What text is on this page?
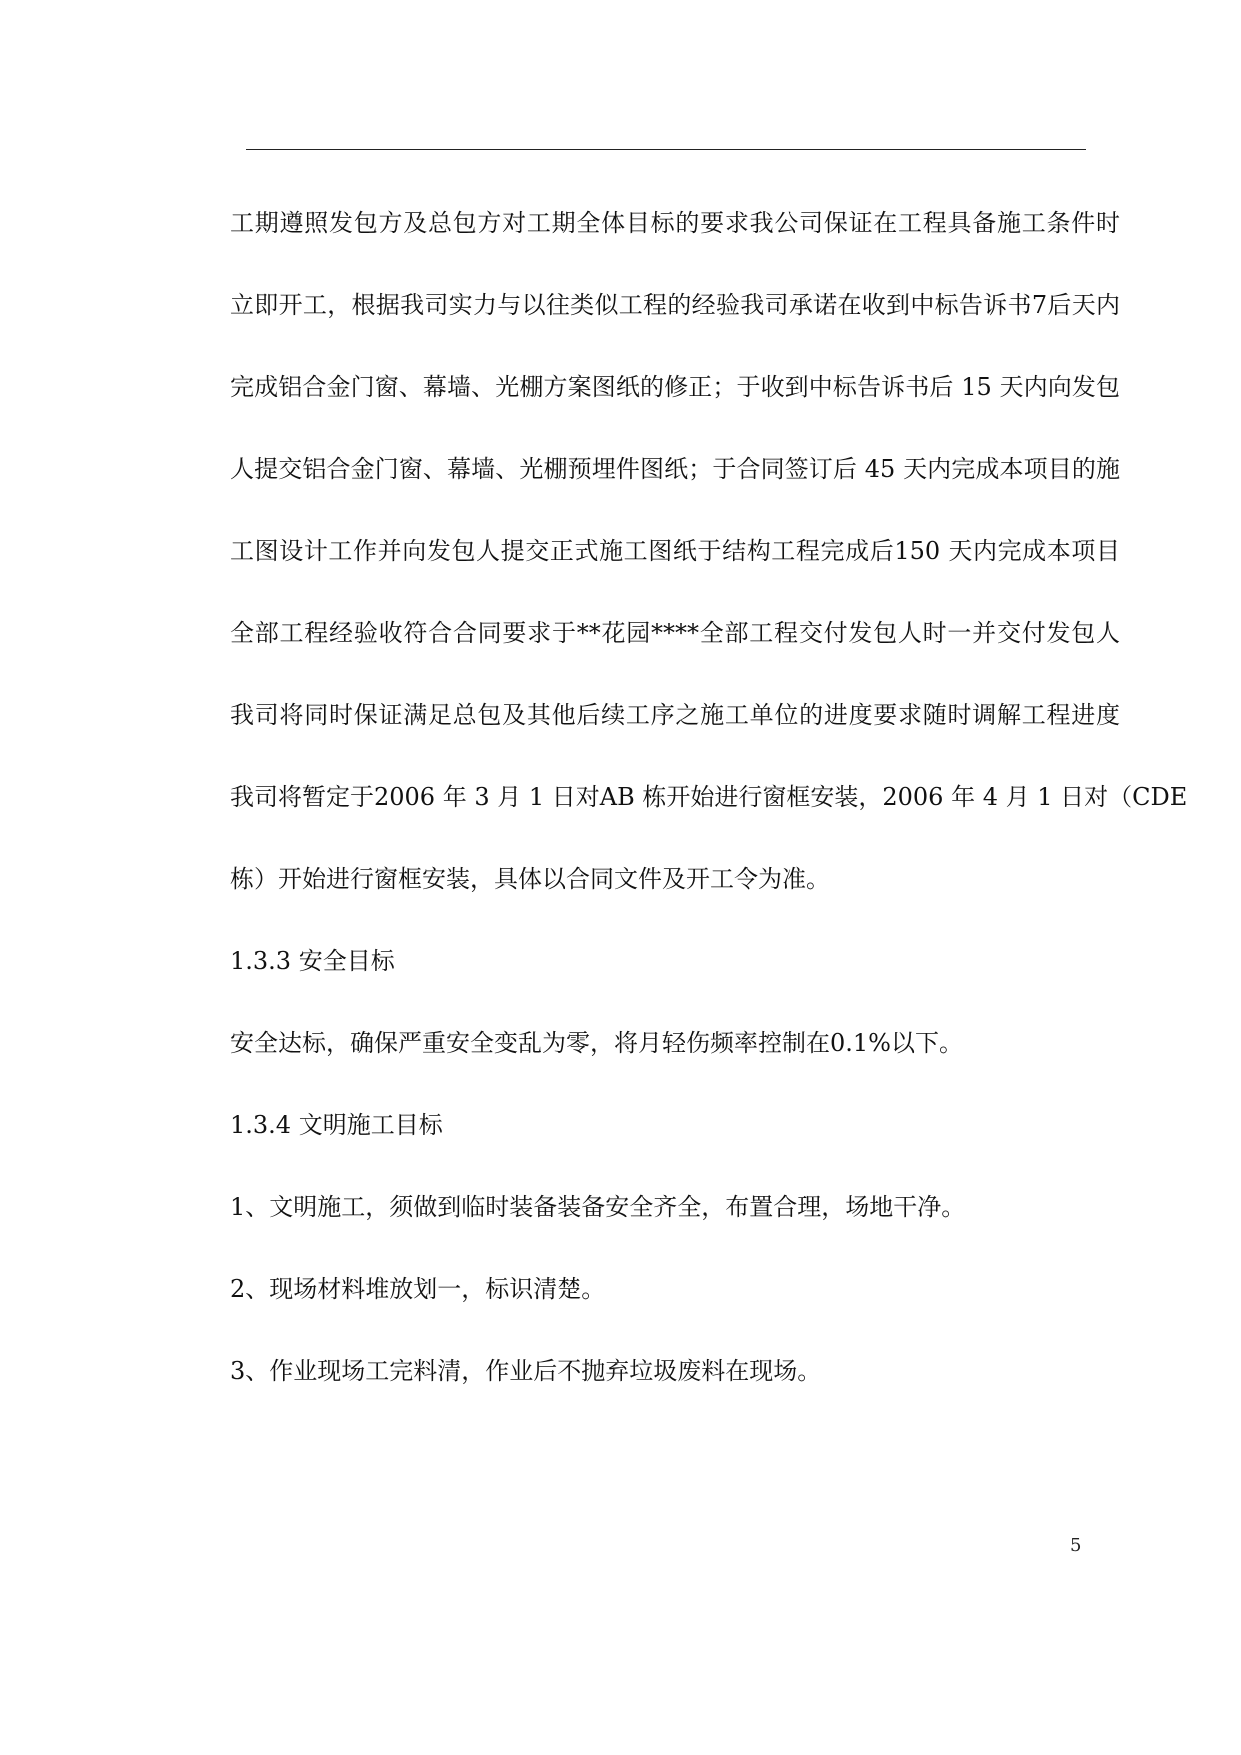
工期遵照发包方及总包方对工期全体目标的要求我公司保证在工程具备施工条件时
立即开工，根据我司实力与以往类似工程的经验我司承诺在收到中标告诉书7后天内
完成铝合金门窗、幕墙、光棚方案图纸的修正；于收到中标告诉书后 15 天内向发包
人提交铝合金门窗、幕墙、光棚预埋件图纸；于合同签订后 45 天内完成本项目的施
工图设计工作并向发包人提交正式施工图纸于结构工程完成后150 天内完成本项目
全部工程经验收符合合同要求于**花园****全部工程交付发包人时一并交付发包人
我司将同时保证满足总包及其他后续工序之施工单位的进度要求随时调解工程进度
我司将暂定于2006 年 3 月 1 日对AB 栋开始进行窗框安装，2006 年 4 月 1 日对（CDE
栋）开始进行窗框安装，具体以合同文件及开工令为准。
1.3.3 安全目标
安全达标，确保严重安全变乱为零，将月轻伤频率控制在0.1%以下。
1.3.4 文明施工目标
1、文明施工，须做到临时装备装备安全齐全，布置合理，场地干净。
2、现场材料堆放划一，标识清楚。
3、作业现场工完料清，作业后不抛弃垃圾废料在现场。
5
